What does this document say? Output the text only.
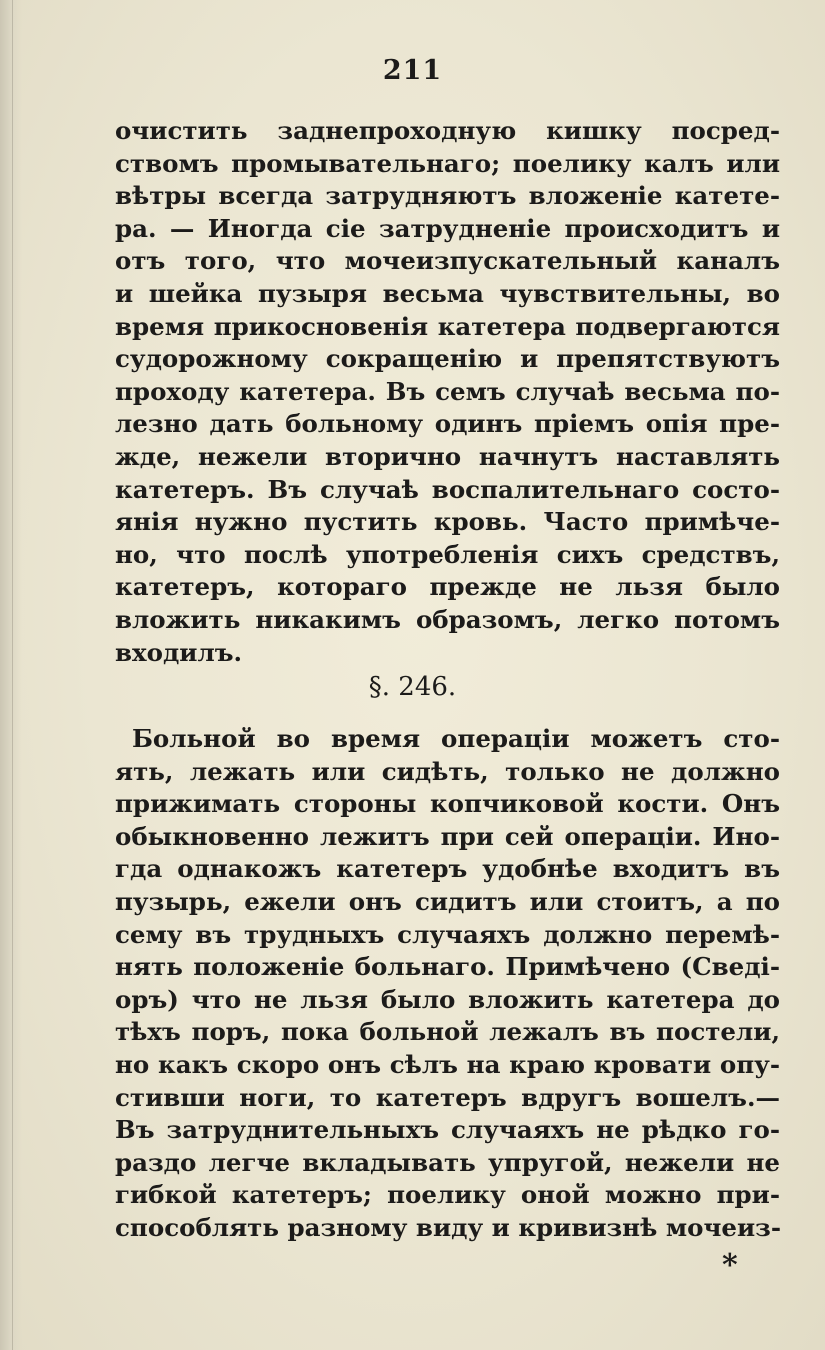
211
очистить заднепроходную кишку посред-
ствомъ промывательнаго; поелику калъ или
вѣтры всегда затрудняютъ вложеніе катете-
ра. — Иногда сіе затрудненіе происходитъ и
отъ того, что мочеизпускательный каналъ
и шейка пузыря весьма чувствительны, во
время прикосновенія катетера подвергаются
судорожному сокращенію и препятствуютъ
проходу катетера. Въ семъ случаѣ весьма по-
лезно дать больному одинъ пріемъ опія пре-
жде, нежели вторично начнутъ наставлять
катетеръ. Въ случаѣ воспалительнаго состо-
янія нужно пустить кровь. Часто примѣче-
но, что послѣ употребленія сихъ средствъ,
катетеръ, котораго прежде не льзя было
вложить никакимъ образомъ, легко потомъ
входилъ.
§. 246.
Больной во время операціи можетъ сто-
ять, лежать или сидѣть, только не должно
прижимать стороны копчиковой кости. Онъ
обыкновенно лежитъ при сей операціи. Ино-
гда однакожъ катетеръ удобнѣе входитъ въ
пузырь, ежели онъ сидитъ или стоитъ, а по
сему въ трудныхъ случаяхъ должно перемѣ-
нять положеніе больнаго. Примѣчено (Сведі-
оръ) что не льзя было вложить катетера до
тѣхъ поръ, пока больной лежалъ въ постели,
но какъ скоро онъ сѣлъ на краю кровати опу-
стивши ноги, то катетеръ вдругъ вошелъ.—
Въ затруднительныхъ случаяхъ не рѣдко го-
раздо легче вкладывать упругой, нежели не
гибкой катетеръ; поелику оной можно при-
способлять разному виду и кривизнѣ мочеиз-
*
